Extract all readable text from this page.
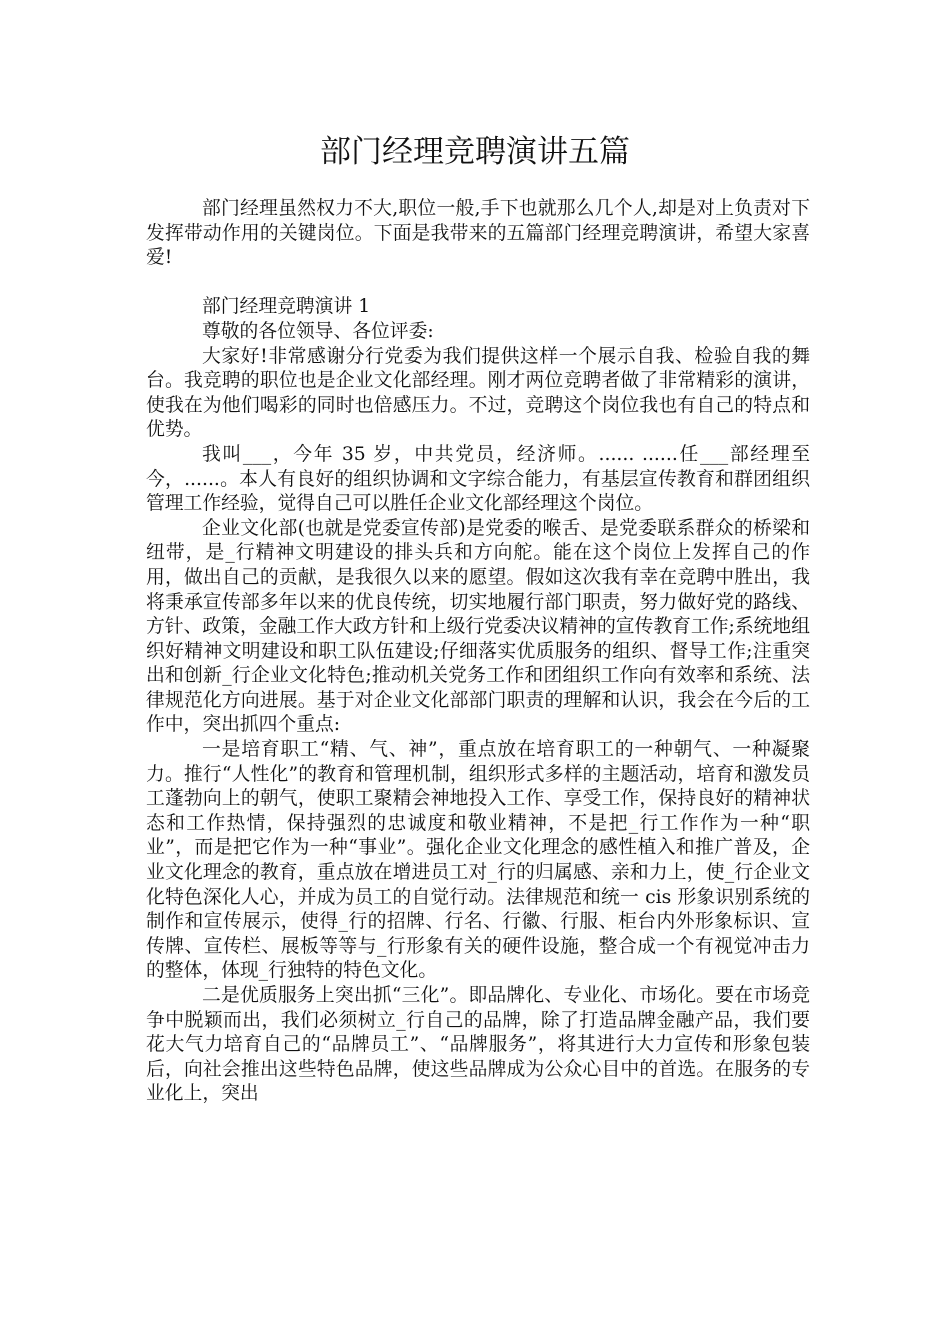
部门经理竞聘演讲五篇

部门经理虽然权力不大,职位一般,手下也就那么几个人,却是对上负责对下发挥带动作用的关键岗位。下面是我带来的五篇部门经理竞聘演讲，希望大家喜爱!

部门经理竞聘演讲 1

尊敬的各位领导、各位评委:

大家好!非常感谢分行党委为我们提供这样一个展示自我、检验自我的舞台。我竞聘的职位也是企业文化部经理。刚才两位竞聘者做了非常精彩的演讲，使我在为他们喝彩的同时也倍感压力。不过，竞聘这个岗位我也有自己的特点和优势。

我叫___，今年 35 岁，中共党员，经济师。...... ......任___部经理至今，......。本人有良好的组织协调和文字综合能力，有基层宣传教育和群团组织管理工作经验，觉得自己可以胜任企业文化部经理这个岗位。

企业文化部(也就是党委宣传部)是党委的喉舌、是党委联系群众的桥梁和纽带，是_行精神文明建设的排头兵和方向舵。能在这个岗位上发挥自己的作用，做出自己的贡献，是我很久以来的愿望。假如这次我有幸在竞聘中胜出，我将秉承宣传部多年以来的优良传统，切实地履行部门职责，努力做好党的路线、方针、政策，金融工作大政方针和上级行党委决议精神的宣传教育工作;系统地组织好精神文明建设和职工队伍建设;仔细落实优质服务的组织、督导工作;注重突出和创新_行企业文化特色;推动机关党务工作和团组织工作向有效率和系统、法律规范化方向进展。基于对企业文化部部门职责的理解和认识，我会在今后的工作中，突出抓四个重点:

一是培育职工“精、气、神”，重点放在培育职工的一种朝气、一种凝聚力。推行“人性化”的教育和管理机制，组织形式多样的主题活动，培育和激发员工蓬勃向上的朝气，使职工聚精会神地投入工作、享受工作，保持良好的精神状态和工作热情，保持强烈的忠诚度和敬业精神，不是把_行工作作为一种“职业”，而是把它作为一种“事业”。强化企业文化理念的感性植入和推广普及，企业文化理念的教育，重点放在增进员工对_行的归属感、亲和力上，使_行企业文化特色深化人心，并成为员工的自觉行动。法律规范和统一 cis 形象识别系统的制作和宣传展示，使得_行的招牌、行名、行徽、行服、柜台内外形象标识、宣传牌、宣传栏、展板等等与_行形象有关的硬件设施，整合成一个有视觉冲击力的整体，体现_行独特的特色文化。

二是优质服务上突出抓“三化”。即品牌化、专业化、市场化。要在市场竞争中脱颖而出，我们必须树立_行自己的品牌，除了打造品牌金融产品，我们要花大气力培育自己的“品牌员工”、“品牌服务”，将其进行大力宣传和形象包装后，向社会推出这些特色品牌，使这些品牌成为公众心目中的首选。在服务的专业化上，突出
